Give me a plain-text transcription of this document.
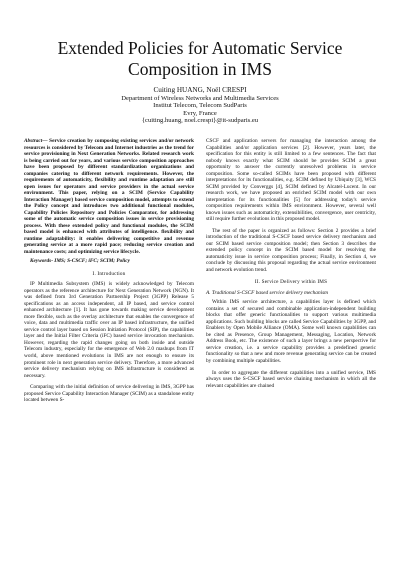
Extended Policies for Automatic Service Composition in IMS
Cuiting HUANG, Noël CRESPI
Department of Wireless Networks and Multimedia Services
Institut Telecom, Telecom SudParis
Evry, France
{cuiting.huang, noel.crespi}@it-sudparis.eu

Abstract— Service creation by composing existing services and/or network resources is considered by Telecom and Internet industries as the trend for service provisioning in Next Generation Networks. Related research work is being carried out for years, and various service composition approaches have been proposed by different standardization organizations and companies catering to different network requirements. However, the requirements of automaticity, flexibility and runtime adaptation are still open issues for operators and service providers in the actual service environment. This paper, relying on a SCIM (Service Capability Interaction Manager) based service composition model, attempts to extend the Policy concept and introduces two additional functional modules, Capability Policies Repository and Policies Comparator, for addressing some of the automatic service composition issues in service provisioning process. With these extended policy and functional modules, the SCIM based model is enhanced with attributes of intelligence. flexibility and runtime adaptability: it enables delivering competitive and revenue generating service at a more rapid pace; reducing service creation and maintenance costs; and optimizing service lifecycle.

Keywords- IMS; S-CSCF; iFC; SCIM; Policy

I. Introduction

IP Multimedia Subsystem (IMS) is widely acknowledged by Telecom operators as the reference architecture for Next Generation Network (NGN). It was defined from 3rd Generation Partnership Project (3GPP) Release 5 specifications as an access independent, all IP based, and service control enhanced architecture [1]. It has gone towards making service development more flexible, such as the overlay architecture that enables the convergence of voice, data and multimedia traffic over an IP based infrastructure, the unified service control layer based on Session Initiation Protocol (SIP), the capabilities layer and the Initial Filter Criteria (iFC) based service invocation mechanism. However, regarding the rapid changes going on both inside and outside Telecom industry, especially for the emergence of Web 2.0 mashups from IT world, above mentioned evolutions in IMS are not enough to ensure its prominent role in next generation service delivery. Therefore, a more advanced service delivery mechanism relying on IMS infrastructure is considered as necessary.

Comparing with the initial definition of service delivering in IMS, 3GPP has proposed Service Capability Interaction Manager (SCIM) as a standalone entity located between S-

CSCF and application servers for managing the interaction among the Capabilities and/or application services [2]. However, years later, the specification for this entity is still limited to a few sentences. The fact that nobody knows exactly what SCIM should be provides SCIM a great opportunity to answer the currently unresolved problems in service composition. Some so-called SCIMs have been proposed with different interpretations for its functionalities, e.g. SCIM defined by Ubiquity [3], WCS SCIM provided by Converggs [4], SCIM defined by Alcatel-Lucent. In our research work, we have proposed an enriched SCIM model with our own interpretation for its functionalities [5] for addressing today's service composition requirements within IMS environment. However, several well known issues such as automaticity, extensibilities, convergence, user centricity, still require further evolutions in this proposed model.

The rest of the paper is organized as follows: Section 2 provides a brief introduction of the traditional S-CSCF based service delivery mechanism and our SCIM based service composition model; then Section 3 describes the extended policy concept in the SCIM based model for resolving the automaticity issue in service composition process; Finally, in Section 4, we conclude by discussing this proposal regarding the actual service environment and network evolution trend.

II. Service Delivery within IMS
A. Traditional S-CSCF based service delivery mechanism

Within IMS service architecture, a capabilities layer is defined which contains a set of secured and combinable application-independent building blocks that offer generic functionalities to support various multimedia applications. Such building blocks are called Service Capabilities by 3GPP, and Enablers by Open Mobile Alliance (OMA). Some well known capabilities can be cited as Presence, Group Management, Messaging, Location, Network Address Book, etc. The existence of such a layer brings a new perspective for service creation, i.e. a service capability provides a predefined generic functionality so that a new and more revenue generating service can be created by combining multiple capabilities.

In order to aggregate the different capabilities into a unified service, IMS always uses the S-CSCF based service chaining mechanism in which all the relevant capabilities are chained
